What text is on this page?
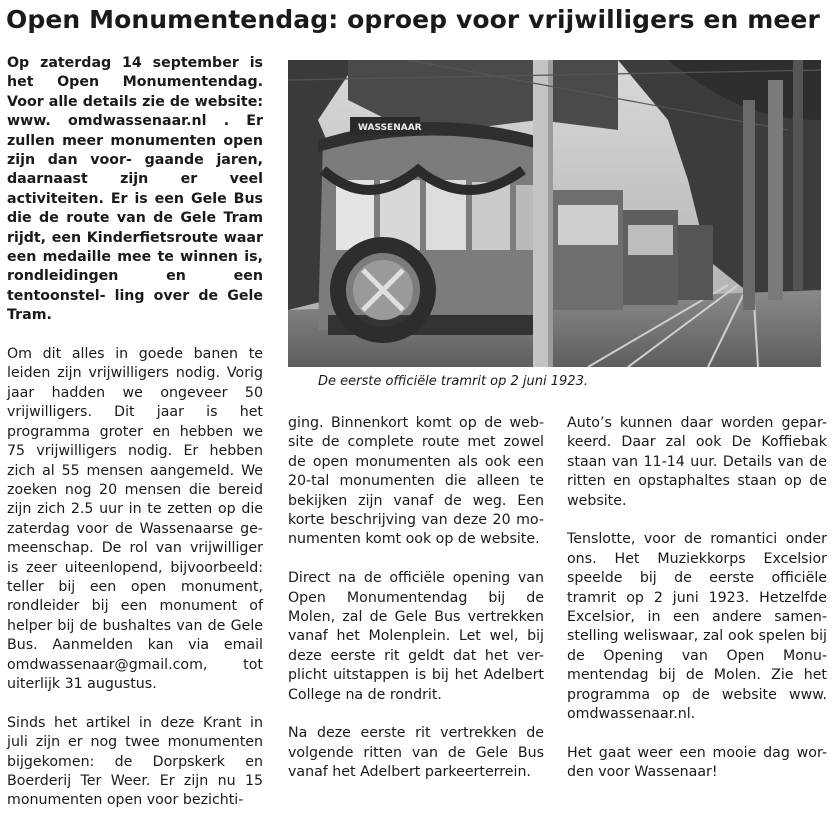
Open Monumentendag: oproep voor vrijwilligers en meer

Op zaterdag 14 september is het Open Monumentendag. Voor alle details zie de website: www. omdwassenaar.nl . Er zullen meer monumenten open zijn dan voor- gaande jaren, daarnaast zijn er veel activiteiten. Er is een Gele Bus die de route van de Gele Tram rijdt, een Kinderfietsroute waar een medaille mee te winnen is, rondleidingen en een tentoonstel- ling over de Gele Tram.

Om dit alles in goede banen te leiden zijn vrijwilligers nodig. Vorig jaar hadden we ongeveer 50 vrijwilligers. Dit jaar is het programma groter en hebben we 75 vrijwilligers nodig. Er hebben zich al 55 mensen aangemeld. We zoeken nog 20 mensen die bereid zijn zich 2.5 uur in te zetten op die zaterdag voor de Wassenaarse ge- meenschap. De rol van vrijwilliger is zeer uiteenlopend, bijvoorbeeld: teller bij een open monument, rondleider bij een monument of helper bij de bushaltes van de Gele Bus. Aanmelden kan via email omdwassenaar@gmail.com, tot uiterlijk 31 augustus.

Sinds het artikel in deze Krant in juli zijn er nog twee monumenten bijgekomen: de Dorpskerk en Boerderij Ter Weer. Er zijn nu 15 monumenten open voor bezichti-

WASSENAAR
De eerste officiële tramrit op 2 juni 1923.

ging. Binnenkort komt op de web- site de complete route met zowel de open monumenten als ook een 20-tal monumenten die alleen te bekijken zijn vanaf de weg. Een korte beschrijving van deze 20 mo- numenten komt ook op de website.

Direct na de officiële opening van Open Monumentendag bij de Molen, zal de Gele Bus vertrekken vanaf het Molenplein. Let wel, bij deze eerste rit geldt dat het ver- plicht uitstappen is bij het Adelbert College na de rondrit.

Na deze eerste rit vertrekken de volgende ritten van de Gele Bus vanaf het Adelbert parkeerterrein.

Auto’s kunnen daar worden gepar- keerd. Daar zal ook De Koffiebak staan van 11-14 uur. Details van de ritten en opstaphaltes staan op de website.

Tenslotte, voor de romantici onder ons. Het Muziekkorps Excelsior speelde bij de eerste officiële tramrit op 2 juni 1923. Hetzelfde Excelsior, in een andere samen- stelling weliswaar, zal ook spelen bij de Opening van Open Monu- mentendag bij de Molen. Zie het programma op de website www. omdwassenaar.nl.

Het gaat weer een mooie dag wor- den voor Wassenaar!
